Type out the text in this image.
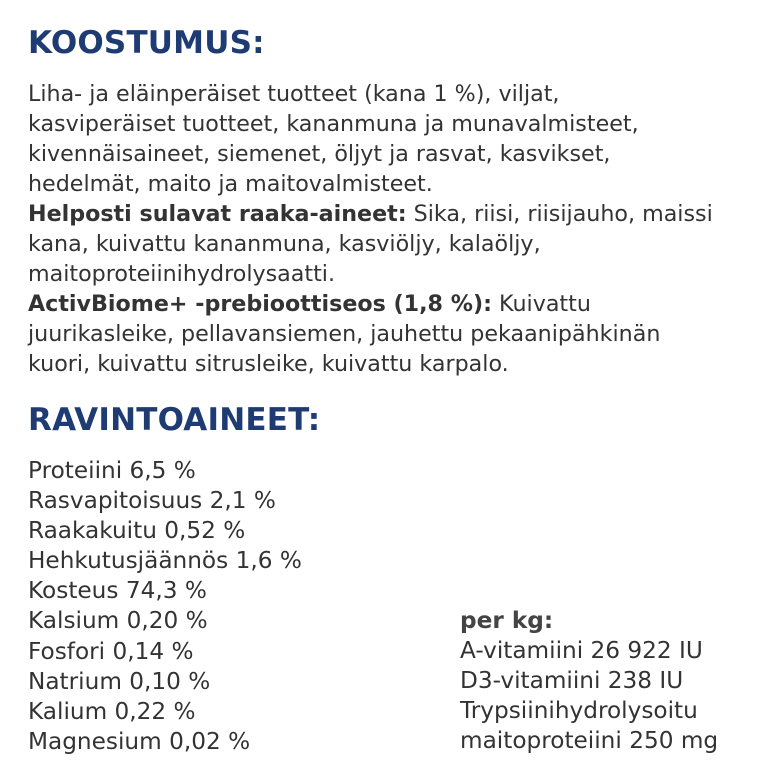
KOOSTUMUS:
Liha- ja eläinperäiset tuotteet (kana 1 %), viljat,
kasviperäiset tuotteet, kananmuna ja munavalmisteet,
kivennäisaineet, siemenet, öljyt ja rasvat, kasvikset,
hedelmät, maito ja maitovalmisteet.
Helposti sulavat raaka-aineet: Sika, riisi, riisijauho, maissi
kana, kuivattu kananmuna, kasviöljy, kalaöljy,
maitoproteiinihydrolysaatti.
ActivBiome+ -prebioottiseos (1,8 %): Kuivattu
juurikasleike, pellavansiemen, jauhettu pekaanipähkinän
kuori, kuivattu sitrusleike, kuivattu karpalo.
RAVINTOAINEET:
Proteiini 6,5 %
Rasvapitoisuus 2,1 %
Raakakuitu 0,52 %
Hehkutusjäännös 1,6 %
Kosteus 74,3 %
Kalsium 0,20 %
Fosfori 0,14 %
Natrium 0,10 %
Kalium 0,22 %
Magnesium 0,02 %
per kg:
A-vitamiini 26 922 IU
D3-vitamiini 238 IU
Trypsiinihydrolysoitu
maitoproteiini 250 mg
